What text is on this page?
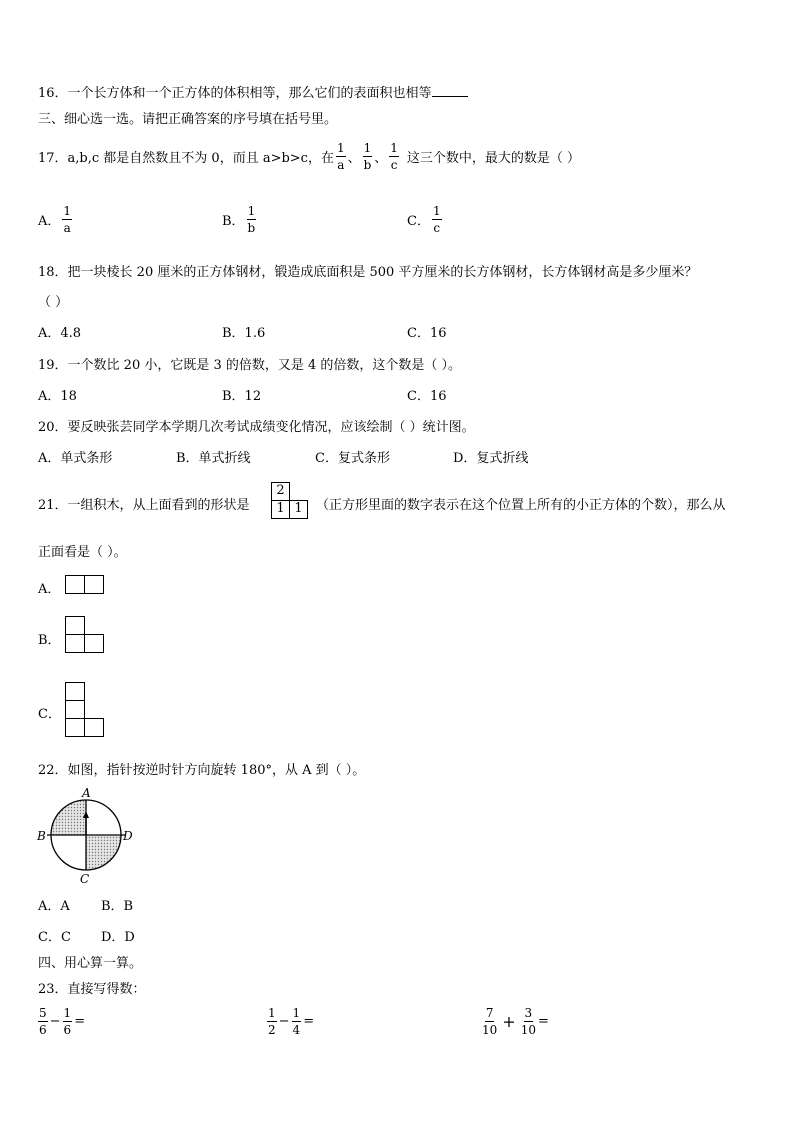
16．一个长方体和一个正方体的体积相等，那么它们的表面积也相等
三、细心选一选。请把正确答案的序号填在括号里。
17．a,b,c 都是自然数且不为 0，而且 a>b>c，在 $\frac{1}{a}$ 、 $\frac{1}{b}$ 、 $\frac{1}{c}$ 这三个数中，最大的数是（ ）
A． $\frac{1}{a}$	B． $\frac{1}{b}$	C． $\frac{1}{c}$
18．把一块棱长 20 厘米的正方体钢材，锻造成底面积是 500 平方厘米的长方体钢材，长方体钢材高是多少厘米？
（ ）
A．4.8	B．1.6	C．16
19．一个数比 20 小，它既是 3 的倍数，又是 4 的倍数，这个数是（ ）。
A．18	B．12	C．16
20．要反映张芸同学本学期几次考试成绩变化情况，应该绘制（ ）统计图。
A．单式条形	B．单式折线	C．复式条形	D．复式折线
21．一组积木，从上面看到的形状是
2
1 1	（正方形里面的数字表示在这个位置上所有的小正方体的个数），那么从
正面看是（ ）。
A．
B．
C．
22．如图，指针按逆时针方向旋转 180°，从 A 到（ ）。
A
B
C
D
A．A B．B
C．C D．D
四、用心算一算。
23．直接写得数：
$\frac{5}{6} - \frac{1}{6}$ =	$\frac{1}{2} - \frac{1}{4}$ =	$\frac{7}{10} + \frac{3}{10}$ =
